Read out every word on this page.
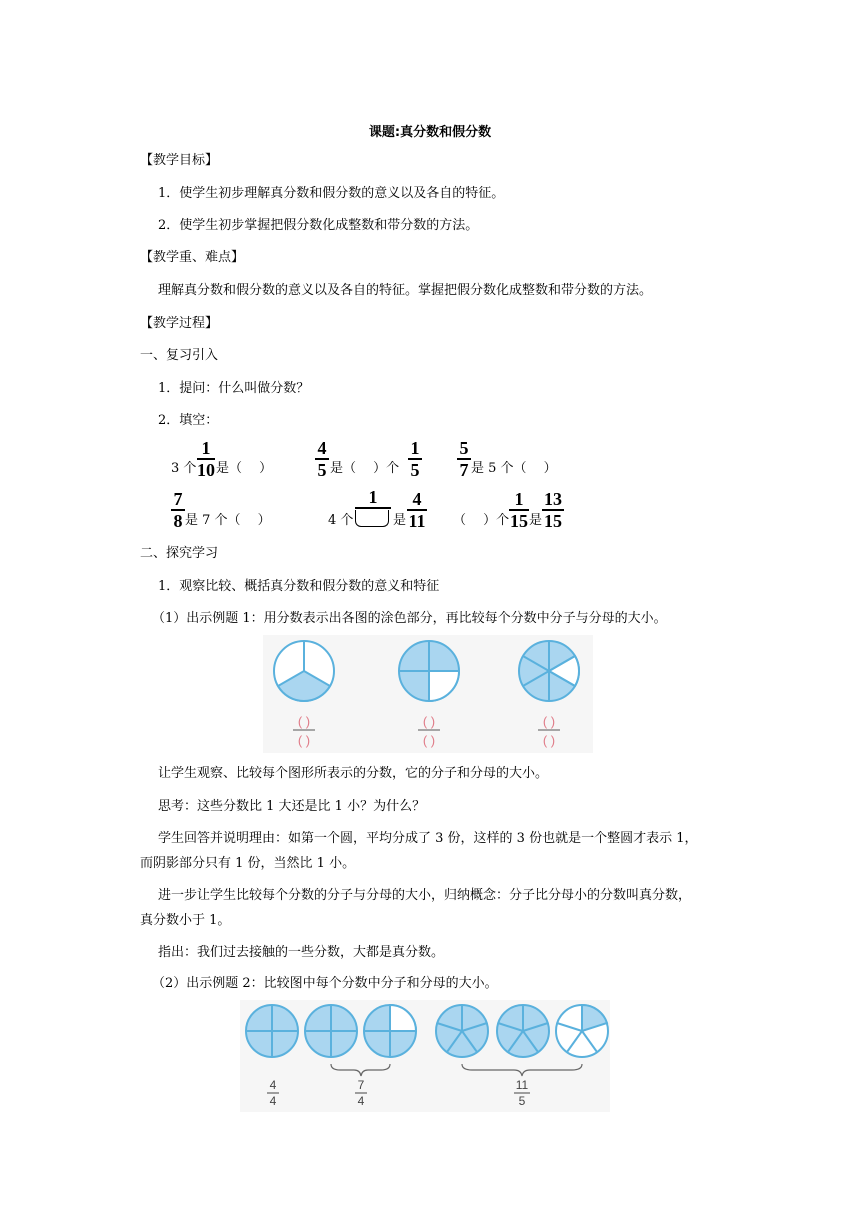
课题:真分数和假分数
【教学目标】
1．使学生初步理解真分数和假分数的意义以及各自的特征。
2．使学生初步掌握把假分数化成整数和带分数的方法。
【教学重、难点】
理解真分数和假分数的意义以及各自的特征。掌握把假分数化成整数和带分数的方法。
【教学过程】
一、复习引入
1．提问：什么叫做分数？
2．填空：
3 个
1
10 是（　 ）
4
5 是（　 ）个
1
5
5
7 是 5 个（　 ）
7
8 是 7 个（　 ）	4 个
1
是
4
11 （　 ）个
1
15 是
13
15
二、探究学习
1．观察比较、概括真分数和假分数的意义和特征
（1）出示例题 1：用分数表示出各图的涂色部分，再比较每个分数中分子与分母的大小。
( )
( )
( )
( )
( )
( )
让学生观察、比较每个图形所表示的分数，它的分子和分母的大小。
思考：这些分数比 1 大还是比 1 小？为什么？
学生回答并说明理由：如第一个圆，平均分成了 3 份，这样的 3 份也就是一个整圆才表示 1，
而阴影部分只有 1 份，当然比 1 小。
进一步让学生比较每个分数的分子与分母的大小，归纳概念：分子比分母小的分数叫真分数，
真分数小于 1。
指出：我们过去接触的一些分数，大都是真分数。
（2）出示例题 2：比较图中每个分数中分子和分母的大小。
4
4
7
4
11
5
